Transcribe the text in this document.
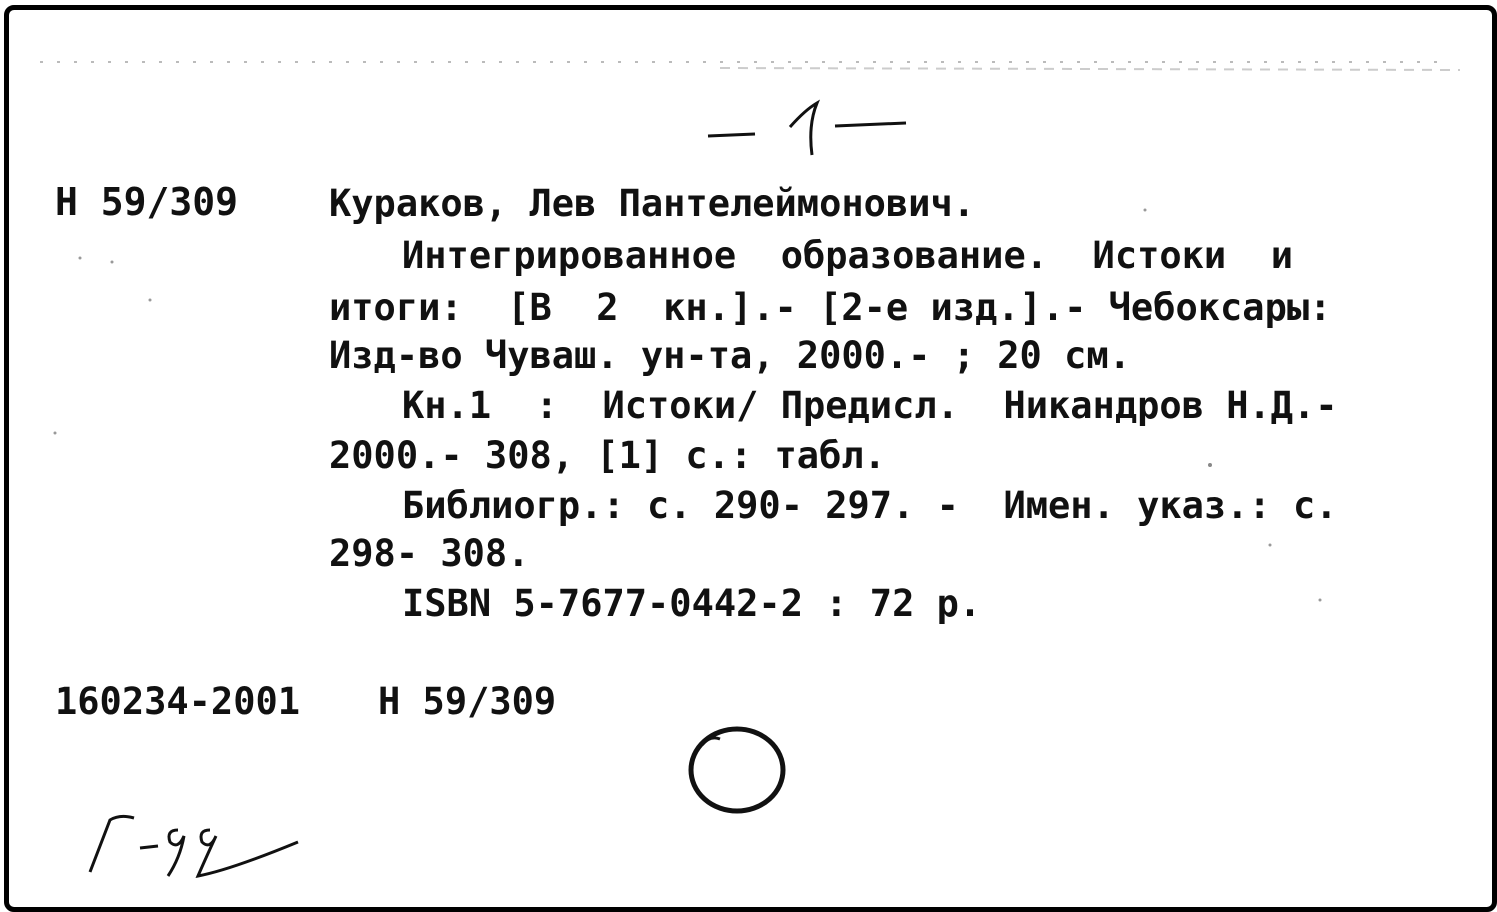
Н 59/309 Кураков, Лев Пантелеймонович.
Интегрированное  образование.  Истоки  и
итоги:  [В  2  кн.].- [2-е изд.].- Чебоксары:
Изд-во Чуваш. ун-та, 2000.- ; 20 см.
Кн.1  :  Истоки/ Предисл.  Никандров Н.Д.-
2000.- 308, [1] с.: табл.
Библиогр.: с. 290- 297. -  Имен. указ.: с.
298- 308.
ISBN 5-7677-0442-2 : 72 р.
160234-2001 Н 59/309
